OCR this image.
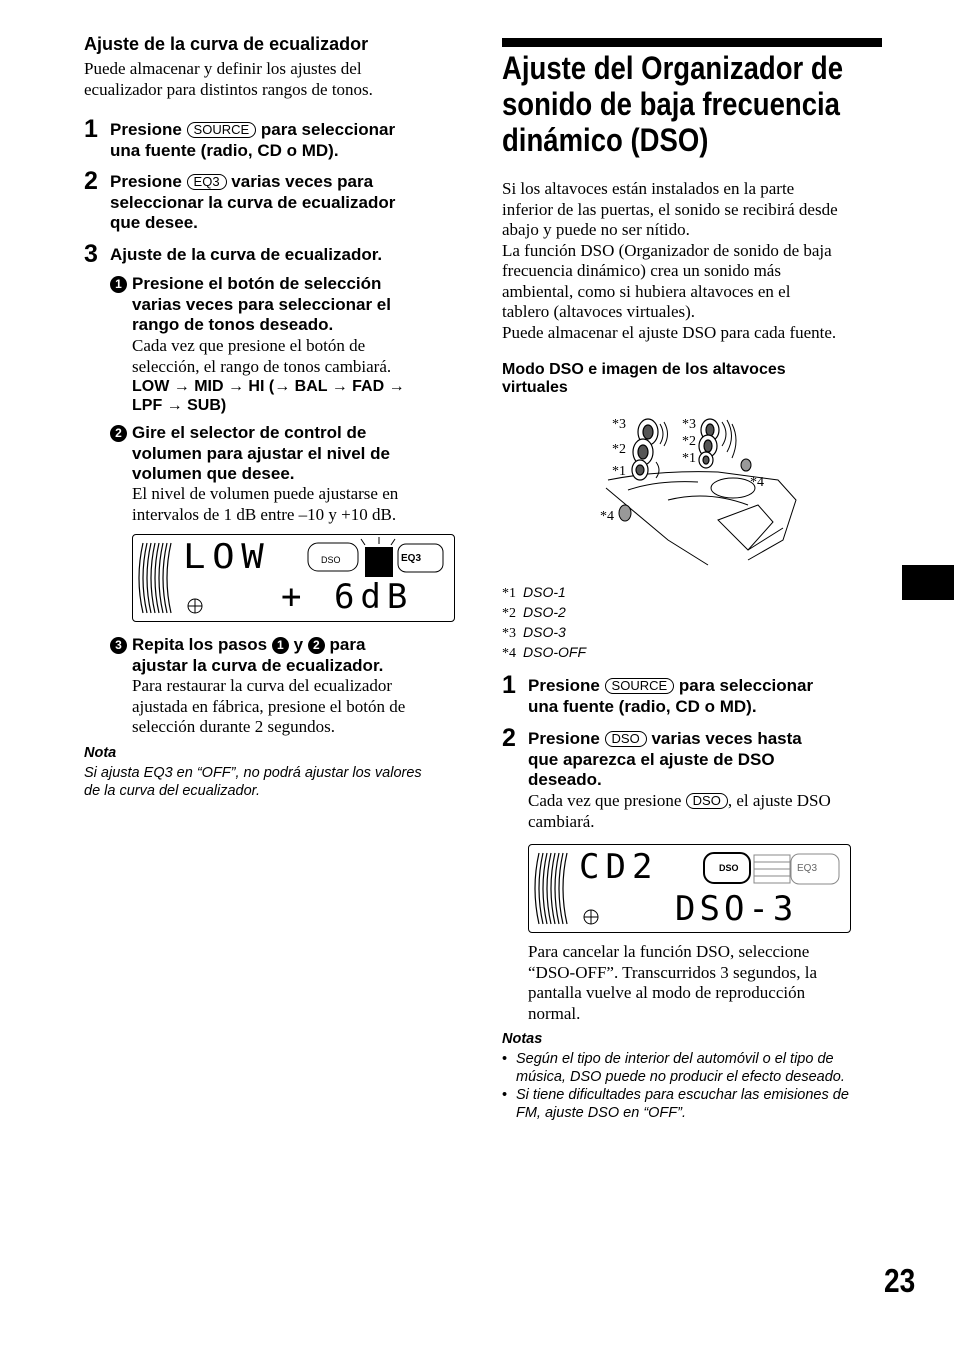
Ajuste de la curva de ecualizador
Puede almacenar y definir los ajustes del
ecualizador para distintos rangos de tonos.
1 Presione SOURCE para seleccionar
una fuente (radio, CD o MD).
2 Presione EQ3 varias veces para
seleccionar la curva de ecualizador
que desee.
3 Ajuste de la curva de ecualizador.
1 Presione el botón de selección
varias veces para seleccionar el
rango de tonos deseado.
Cada vez que presione el botón de
selección, el rango de tonos cambiará.
LOW → MID → HI (→ BAL → FAD →
LPF → SUB)
2 Gire el selector de control de
volumen para ajustar el nivel de
volumen que desee.
El nivel de volumen puede ajustarse en
intervalos de 1 dB entre –10 y +10 dB.
DSO	EQ3
LOW
+ 6dB
3 Repita los pasos 1 y 2 para
ajustar la curva de ecualizador.
Para restaurar la curva del ecualizador
ajustada en fábrica, presione el botón de
selección durante 2 segundos.
Nota
Si ajusta EQ3 en “OFF”, no podrá ajustar los valores
de la curva del ecualizador.
Ajuste del Organizador de
sonido de baja frecuencia
dinámico (DSO)
Si los altavoces están instalados en la parte
inferior de las puertas, el sonido se recibirá desde
abajo y puede no ser nítido.
La función DSO (Organizador de sonido de baja
frecuencia dinámico) crea un sonido más
ambiental, como si hubiera altavoces en el
tablero (altavoces virtuales).
Puede almacenar el ajuste DSO para cada fuente.
Modo DSO e imagen de los altavoces
virtuales
*3
*2
*1
*3
*2
*1
*4
*4
*1 DSO-1
*2 DSO-2
*3 DSO-3
*4 DSO-OFF
1 Presione SOURCE para seleccionar
una fuente (radio, CD o MD).
2 Presione DSO varias veces hasta
que aparezca el ajuste de DSO
deseado.
Cada vez que presione DSO , el ajuste DSO
cambiará.
DSO	EQ3
CD2
DSO-3
Para cancelar la función DSO, seleccione
“DSO-OFF”. Transcurridos 3 segundos, la
pantalla vuelve al modo de reproducción
normal.
Notas
• Según el tipo de interior del automóvil o el tipo de
música, DSO puede no producir el efecto deseado.
• Si tiene dificultades para escuchar las emisiones de
FM, ajuste DSO en “OFF”.
23
